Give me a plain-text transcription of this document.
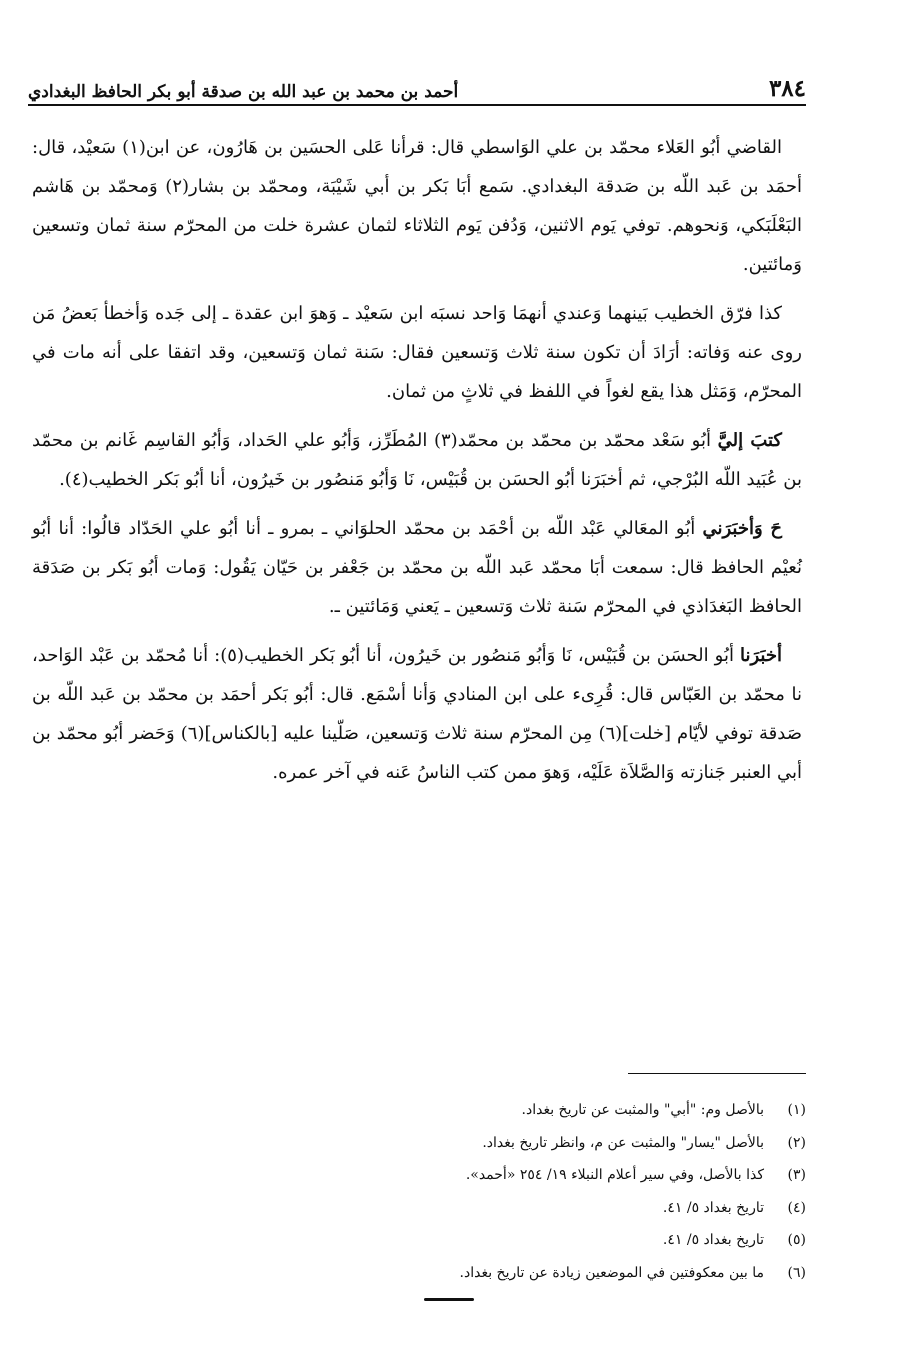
٣٨٤
أحمد بن محمد بن عبد الله بن صدقة أبو بكر الحافظ البغدادي

القاضي أبُو العَلاء محمّد بن علي الوَاسطي قال: قرأنا عَلى الحسَين بن هَارُون، عن ابن(١) سَعيْد، قال: أحمَد بن عَبد اللّه بن صَدقة البغدادي. سَمع أبَا بَكر بن أبي شَيْبَة، ومحمّد بن بشار(٢) وَمحمّد بن هَاشم البَعْلَبَكي، وَنحوهم. توفي يَوم الاثنين، وَدُفن يَوم الثلاثاء لثمان عشرة خلت من المحرّم سنة ثمان وتسعين وَمائتين.

كذا فرّق الخطيب بَينهما وَعندي أنهمَا وَاحد نسبَه ابن سَعيْد ـ وَهوَ ابن عقدة ـ إلى جَده وَأخطأ بَعضُ مَن روى عنه وَفاته: أرَادَ أن تكون سنة ثلاث وَتسعين فقال: سَنة ثمان وَتسعين، وقد اتفقا على أنه مات في المحرّم، وَمَثل هذا يقع لغواً في اللفظ في ثلاثٍ من ثمان.

كتبَ إليَّ أبُو سَعْد محمّد بن محمّد بن محمّد(٣) المُطَرِّز، وَأبُو علي الحَداد، وَأبُو القاسِم غَانم بن محمّد بن عُبَيد اللّه البُرْجي، ثم أخبَرَنا أبُو الحسَن بن قُبَيْس، نَا وَأبُو مَنصُور بن خَيرُون، أنا أبُو بَكر الخطيب(٤).

حَ وَأخبَرَني أبُو المعَالي عَبْد اللّه بن أحْمَد بن محمّد الحلوَاني ـ بمرو ـ أنا أبُو علي الحَدّاد قالُوا: أنا أبُو نُعيْم الحافظ قال: سمعت أبَا محمّد عَبد اللّه بن محمّد بن جَعْفر بن حَيّان يَقُول: وَمات أبُو بَكر بن صَدَقة الحافظ البَغدَاذي في المحرّم سَنة ثلاث وَتسعين ـ يَعني وَمَائتين ـ.

أخبَرَنا أبُو الحسَن بن قُبَيْس، نَا وَأبُو مَنصُور بن خَيرُون، أنا أبُو بَكر الخطيب(٥): أنا مُحمّد بن عَبْد الوَاحد، نا محمّد بن العَبّاس قال: قُرِىء على ابن المنادي وَأنا أسْمَع. قال: أبُو بَكر أحمَد بن محمّد بن عَبد اللّه بن صَدقة توفي لأيّام [خلت](٦) مِن المحرّم سنة ثلاث وَتسعين، صَلّينا عليه [بالكناس](٦) وَحَضر أبُو محمّد بن أبي العنبر جَنازته وَالصَّلاَة عَلَيْه، وَهوَ ممن كتب الناسُ عَنه في آخر عمره.

(١)
بالأصل وم: "أبي" والمثبت عن تاريخ بغداد.
(٢)
بالأصل "يسار" والمثبت عن م، وانظر تاريخ بغداد.
(٣)
كذا بالأصل، وفي سير أعلام النبلاء ١٩/ ٢٥٤ «أحمد».
(٤)
تاريخ بغداد ٥/ ٤١.
(٥)
تاريخ بغداد ٥/ ٤١.
(٦)
ما بين معكوفتين في الموضعين زيادة عن تاريخ بغداد.
